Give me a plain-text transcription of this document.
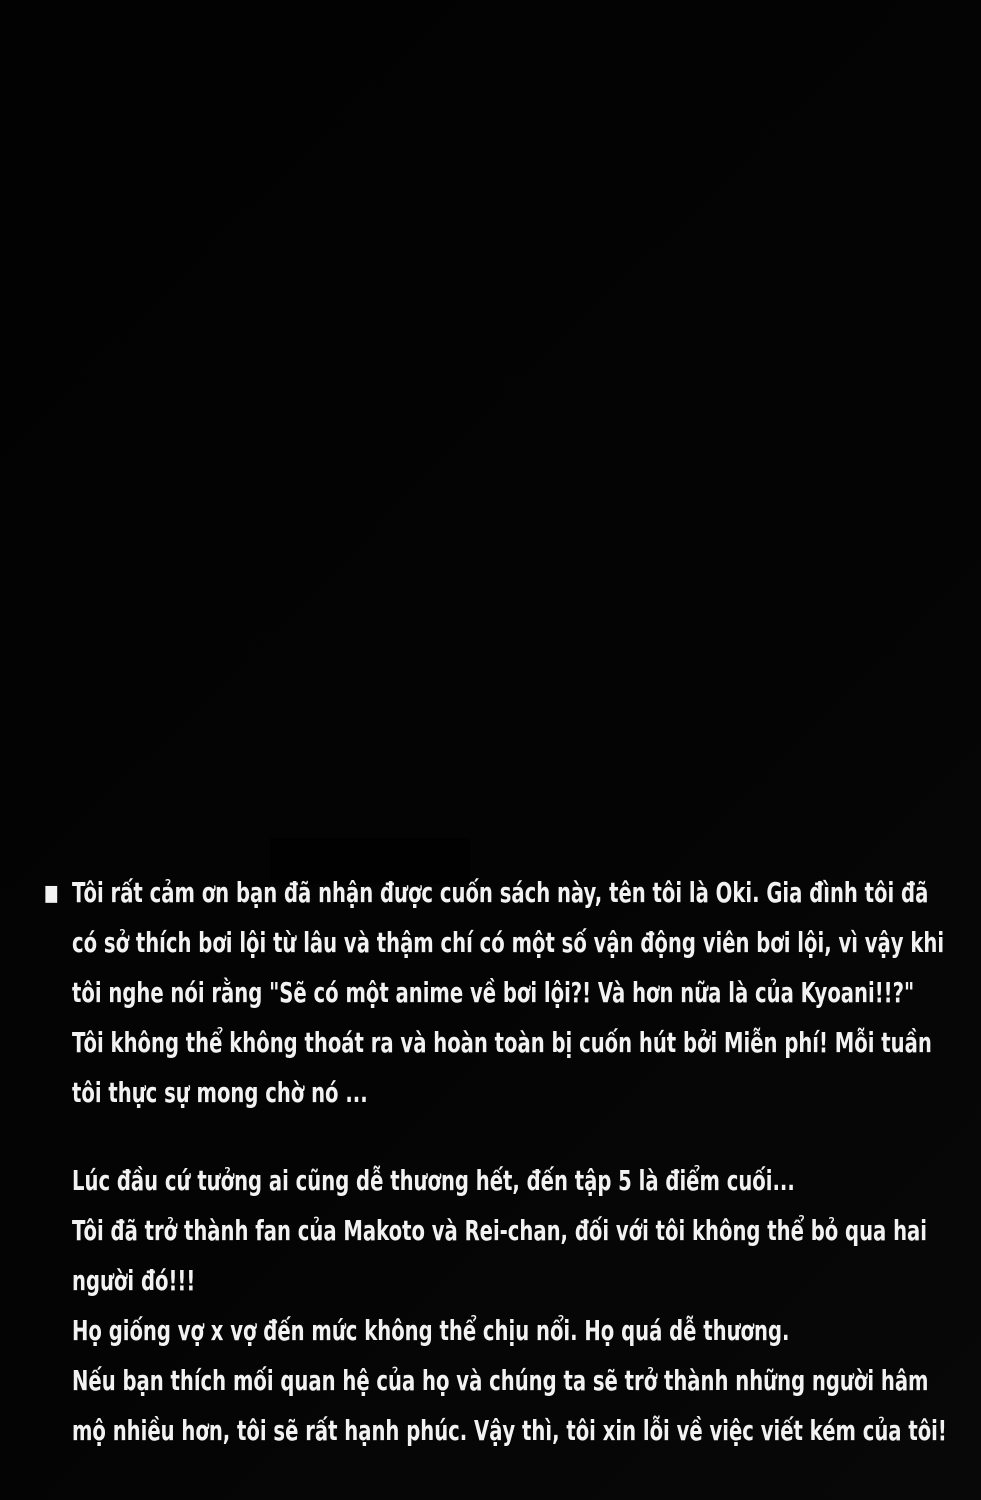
■ Tôi rất cảm ơn bạn đã nhận được cuốn sách này, tên tôi là Oki. Gia đình tôi đã
có sở thích bơi lội từ lâu và thậm chí có một số vận động viên bơi lội, vì vậy khi
tôi nghe nói rằng "Sẽ có một anime về bơi lội?! Và hơn nữa là của Kyoani!!?"
Tôi không thể không thoát ra và hoàn toàn bị cuốn hút bởi Miễn phí! Mỗi tuần
tôi thực sự mong chờ nó ...
Lúc đầu cứ tưởng ai cũng dễ thương hết, đến tập 5 là điểm cuối...
Tôi đã trở thành fan của Makoto và Rei-chan, đối với tôi không thể bỏ qua hai
người đó!!!
Họ giống vợ x vợ đến mức không thể chịu nổi. Họ quá dễ thương.
Nếu bạn thích mối quan hệ của họ và chúng ta sẽ trở thành những người hâm
mộ nhiều hơn, tôi sẽ rất hạnh phúc. Vậy thì, tôi xin lỗi về việc viết kém của tôi!
